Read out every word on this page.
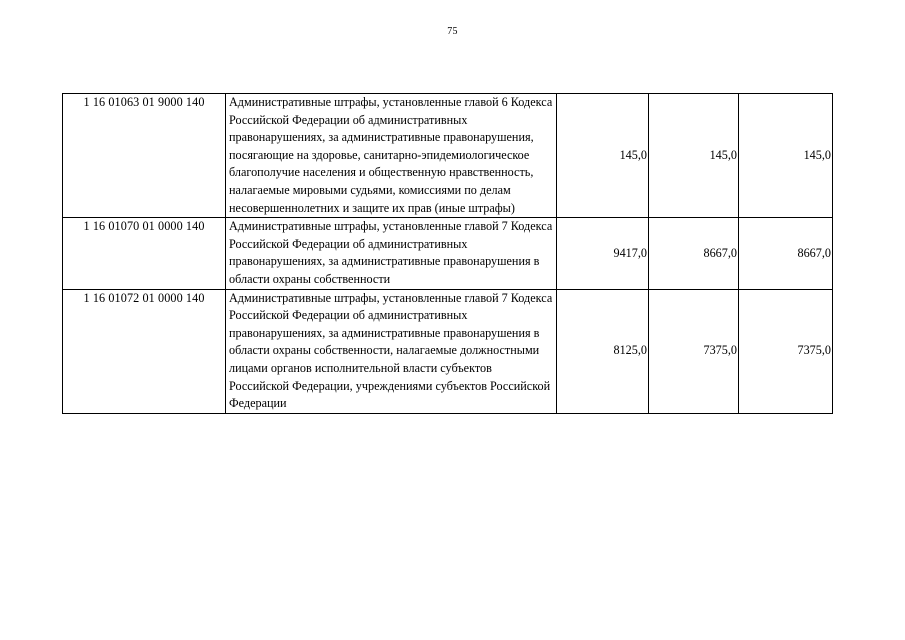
75
1 16 01063 01 9000 140	Административные штрафы, установленные главой 6 Кодекса Российской Федерации об административных правонарушениях, за административные правонарушения, посягающие на здоровье, санитарно-эпидемиологическое благополучие населения и общественную нравственность, налагаемые мировыми судьями, комиссиями по делам несовершеннолетних и защите их прав (иные штрафы)	145,0	145,0	145,0
1 16 01070 01 0000 140	Административные штрафы, установленные главой 7 Кодекса Российской Федерации об административных правонарушениях, за административные правонарушения в области охраны собственности	9417,0	8667,0	8667,0
1 16 01072 01 0000 140	Административные штрафы, установленные главой 7 Кодекса Российской Федерации об административных правонарушениях, за административные правонарушения в области охраны собственности, налагаемые должностными лицами органов исполнительной власти субъектов Российской Федерации, учреждениями субъектов Российской Федерации	8125,0	7375,0	7375,0
